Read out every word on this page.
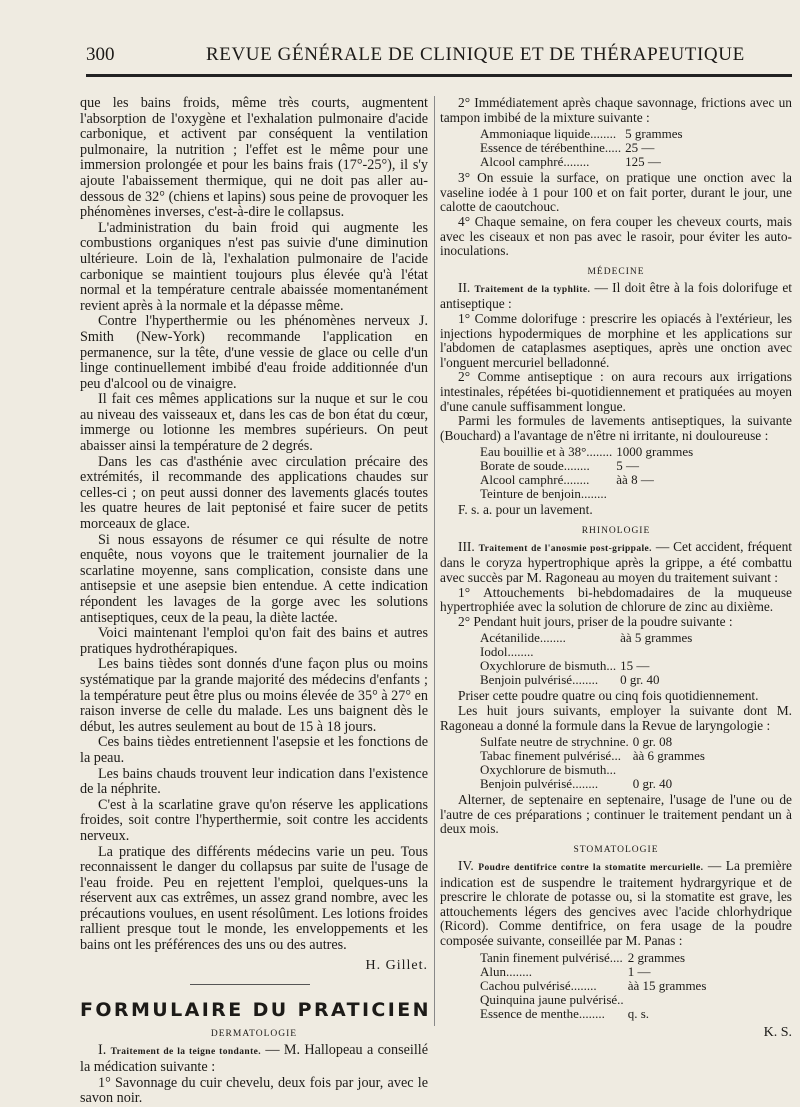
300	REVUE GÉNÉRALE DE CLINIQUE ET DE THÉRAPEUTIQUE

que les bains froids, même très courts, augmentent l'absorption de l'oxygène et l'exhalation pulmonaire d'acide carbonique, et activent par conséquent la ventilation pulmonaire, la nutrition ; l'effet est le même pour une immersion prolongée et pour les bains frais (17°-25°), il s'y ajoute l'abaissement thermique, qui ne doit pas aller au-dessous de 32° (chiens et lapins) sous peine de provoquer les phénomènes inverses, c'est-à-dire le collapsus.

L'administration du bain froid qui augmente les combustions organiques n'est pas suivie d'une diminution ultérieure. Loin de là, l'exhalation pulmonaire de l'acide carbonique se maintient toujours plus élevée qu'à l'état normal et la température centrale abaissée momentanément revient après à la normale et la dépasse même.

Contre l'hyperthermie ou les phénomènes nerveux J. Smith (New-York) recommande l'application en permanence, sur la tête, d'une vessie de glace ou celle d'un linge continuellement imbibé d'eau froide additionnée d'un peu d'alcool ou de vinaigre.

Il fait ces mêmes applications sur la nuque et sur le cou au niveau des vaisseaux et, dans les cas de bon état du cœur, immerge ou lotionne les membres supérieurs. On peut abaisser ainsi la température de 2 degrés.

Dans les cas d'asthénie avec circulation précaire des extrémités, il recommande des applications chaudes sur celles-ci ; on peut aussi donner des lavements glacés toutes les quatre heures de lait peptonisé et faire sucer de petits morceaux de glace.

Si nous essayons de résumer ce qui résulte de notre enquête, nous voyons que le traitement journalier de la scarlatine moyenne, sans complication, consiste dans une antisepsie et une asepsie bien entendue. A cette indication répondent les lavages de la gorge avec les solutions antiseptiques, ceux de la peau, la diète lactée.

Voici maintenant l'emploi qu'on fait des bains et autres pratiques hydrothérapiques.

Les bains tièdes sont donnés d'une façon plus ou moins systématique par la grande majorité des médecins d'enfants ; la température peut être plus ou moins élevée de 35° à 27° en raison inverse de celle du malade. Les uns baignent dès le début, les autres seulement au bout de 15 à 18 jours.

Ces bains tièdes entretiennent l'asepsie et les fonctions de la peau.

Les bains chauds trouvent leur indication dans l'existence de la néphrite.

C'est à la scarlatine grave qu'on réserve les applications froides, soit contre l'hyperthermie, soit contre les accidents nerveux.

La pratique des différents médecins varie un peu. Tous reconnaissent le danger du collapsus par suite de l'usage de l'eau froide. Peu en rejettent l'emploi, quelques-uns la réservent aux cas extrêmes, un assez grand nombre, avec les précautions voulues, en usent résolûment. Les lotions froides rallient presque tout le monde, les enveloppements et les bains ont les préférences des uns ou des autres.

H. Gillet.
FORMULAIRE DU PRATICIEN
DERMATOLOGIE

I. Traitement de la teigne tondante. — M. Hallopeau a conseillé la médication suivante :

1° Savonnage du cuir chevelu, deux fois par jour, avec le savon noir.

2° Immédiatement après chaque savonnage, frictions avec un tampon imbibé de la mixture suivante :

Ammoniaque liquide........	5 grammes
Essence de térébenthine.....	25 —
Alcool camphré........	125 —

3° On essuie la surface, on pratique une onction avec la vaseline iodée à 1 pour 100 et on fait porter, durant le jour, une calotte de caoutchouc.

4° Chaque semaine, on fera couper les cheveux courts, mais avec les ciseaux et non pas avec le rasoir, pour éviter les auto-inoculations.

MÉDECINE

II. Traitement de la typhlite. — Il doit être à la fois dolorifuge et antiseptique :

1° Comme dolorifuge : prescrire les opiacés à l'extérieur, les injections hypodermiques de morphine et les applications sur l'abdomen de cataplasmes aseptiques, après une onction avec l'onguent mercuriel belladonné.

2° Comme antiseptique : on aura recours aux irrigations intestinales, répétées bi-quotidiennement et pratiquées au moyen d'une canule suffisamment longue.

Parmi les formules de lavements antiseptiques, la suivante (Bouchard) a l'avantage de n'être ni irritante, ni douloureuse :

Eau bouillie et à 38°........	1000 grammes
Borate de soude........	5 —
Alcool camphré........	àà 8 —
Teinture de benjoin........	

F. s. a. pour un lavement.

RHINOLOGIE

III. Traitement de l'anosmie post-grippale. — Cet accident, fréquent dans le coryza hypertrophique après la grippe, a été combattu avec succès par M. Ragoneau au moyen du traitement suivant :

1° Attouchements bi-hebdomadaires de la muqueuse hypertrophiée avec la solution de chlorure de zinc au dixième.

2° Pendant huit jours, priser de la poudre suivante :

Acétanilide........	àà 5 grammes
Iodol........	
Oxychlorure de bismuth...	15 —
Benjoin pulvérisé........	0 gr. 40

Priser cette poudre quatre ou cinq fois quotidiennement.

Les huit jours suivants, employer la suivante dont M. Ragoneau a donné la formule dans la Revue de laryngologie :

Sulfate neutre de strychnine.	0 gr. 08
Tabac finement pulvérisé...	àà 6 grammes
Oxychlorure de bismuth...	
Benjoin pulvérisé........	0 gr. 40

Alterner, de septenaire en septenaire, l'usage de l'une ou de l'autre de ces préparations ; continuer le traitement pendant un à deux mois.

STOMATOLOGIE

IV. Poudre dentifrice contre la stomatite mercurielle. — La première indication est de suspendre le traitement hydrargyrique et de prescrire le chlorate de potasse ou, si la stomatite est grave, les attouchements légers des gencives avec l'acide chlorhydrique (Ricord). Comme dentifrice, on fera usage de la poudre composée suivante, conseillée par M. Panas :

Tanin finement pulvérisé....	2 grammes
Alun........	1 —
Cachou pulvérisé........	àà 15 grammes
Quinquina jaune pulvérisé..	
Essence de menthe........	q. s.
K. S.
